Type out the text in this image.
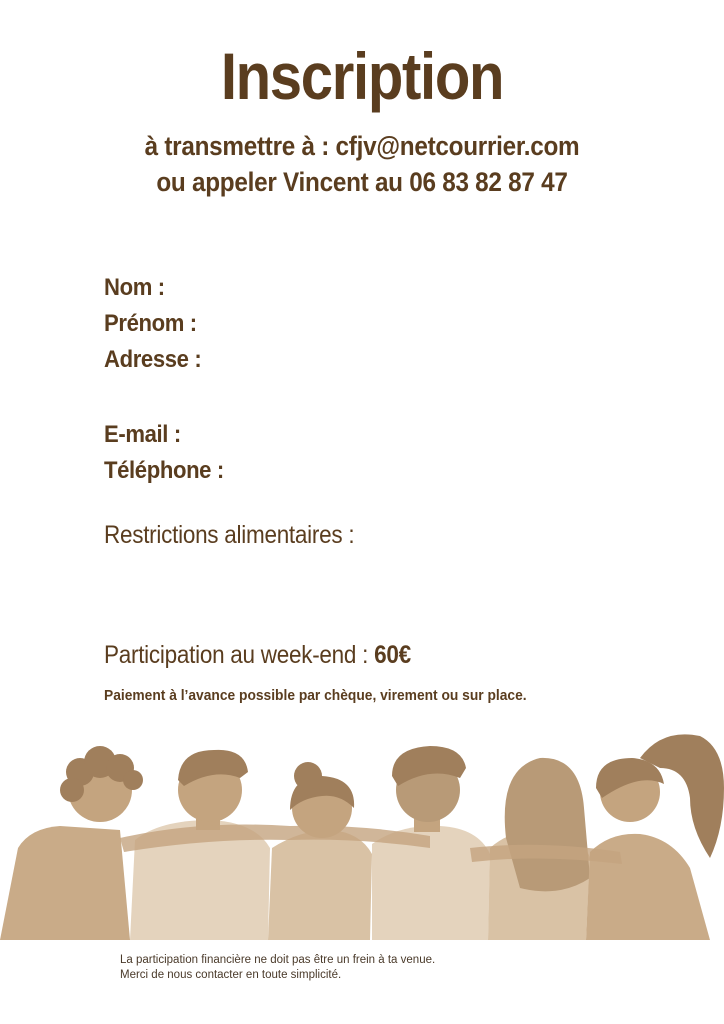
Inscription
à transmettre à : cfjv@netcourrier.com
ou appeler Vincent au 06 83 82 87 47
Nom :
Prénom :
Adresse :
E-mail :
Téléphone :
Restrictions alimentaires :
Participation au week-end : 60€
Paiement à l’avance possible par chèque, virement ou sur place.
La participation financière ne doit pas être un frein à ta venue.
Merci de nous contacter en toute simplicité.
